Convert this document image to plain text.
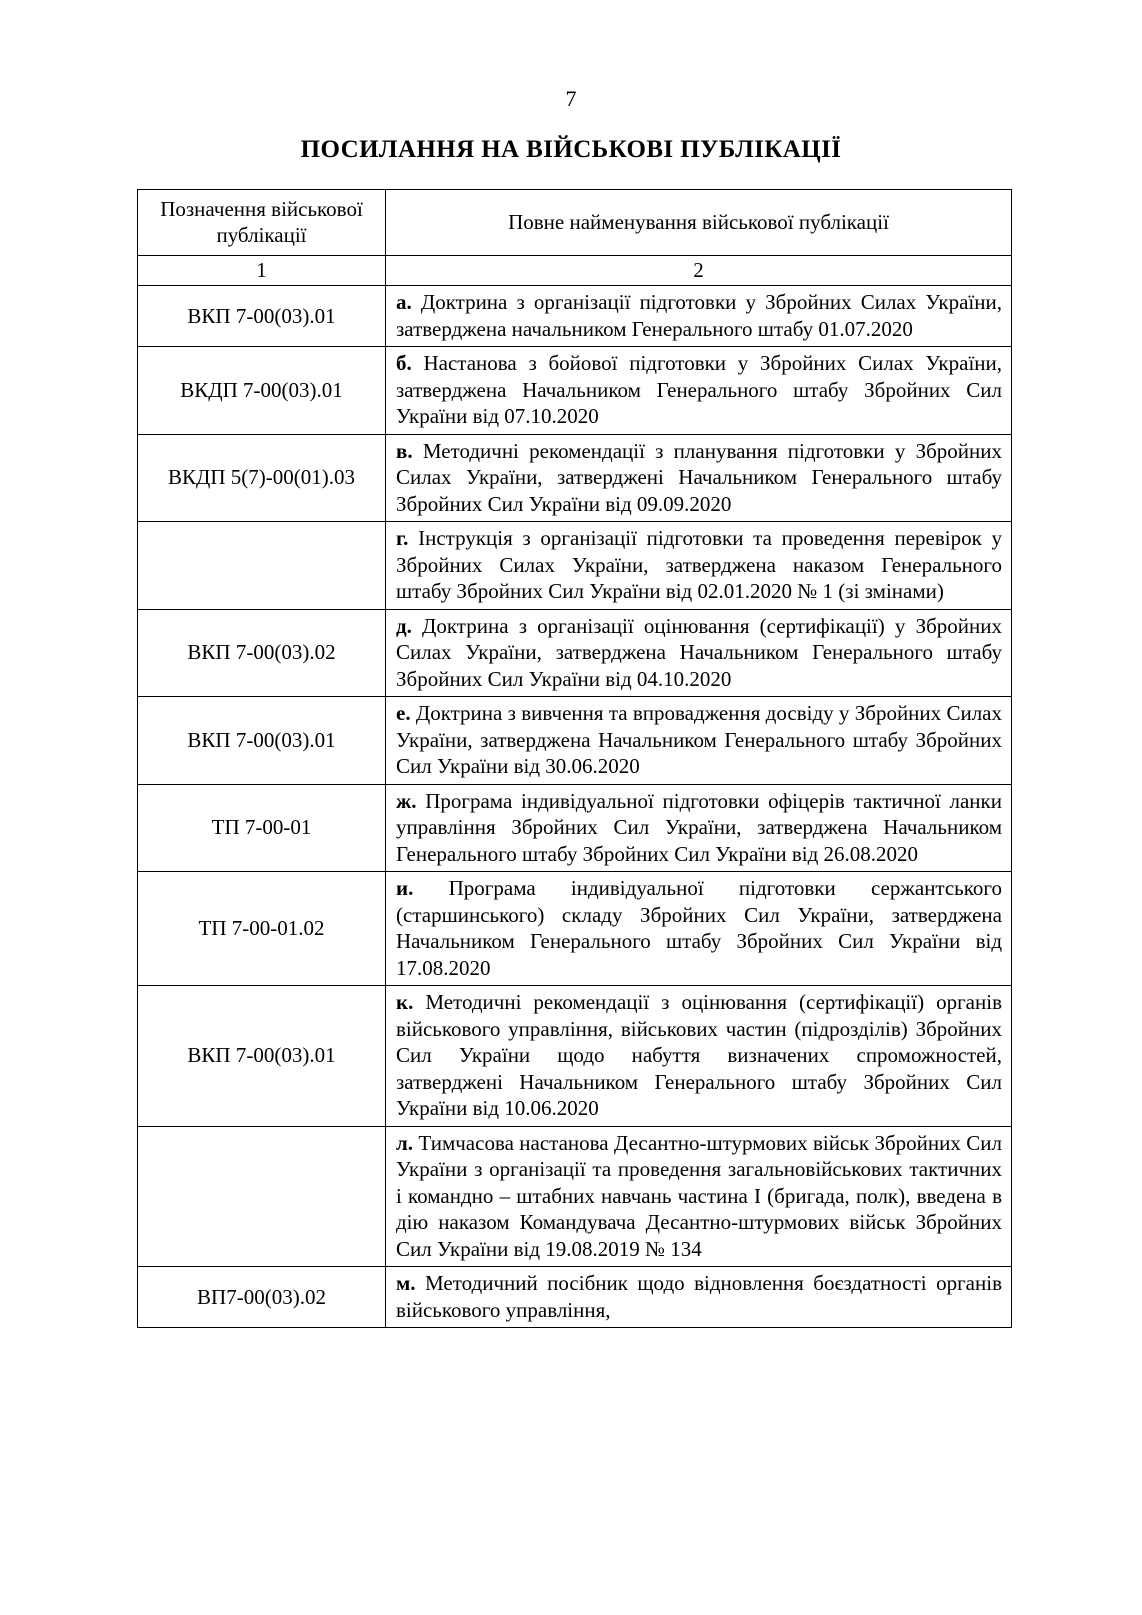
7
ПОСИЛАННЯ НА ВІЙСЬКОВІ ПУБЛІКАЦІЇ
Позначення військової публікації	Повне найменування військової публікації
1	2
ВКП 7-00(03).01	а. Доктрина з організації підготовки у Збройних Силах України, затверджена начальником Генерального штабу 01.07.2020

ВКДП 7-00(03).01	б. Настанова з бойової підготовки у Збройних Силах України, затверджена Начальником Генерального штабу Збройних Сил України від 07.10.2020

ВКДП 5(7)-00(01).03	в. Методичні рекомендації з планування підготовки у Збройних Силах України, затверджені Начальником Генерального штабу Збройних Сил України від 09.09.2020

	г. Інструкція з організації підготовки та проведення перевірок у Збройних Силах України, затверджена наказом Генерального штабу Збройних Сил України від 02.01.2020 № 1 (зі змінами)

ВКП 7-00(03).02	д. Доктрина з організації оцінювання (сертифікації) у Збройних Силах України, затверджена Начальником Генерального штабу Збройних Сил України від 04.10.2020

ВКП 7-00(03).01	е. Доктрина з вивчення та впровадження досвіду у Збройних Силах України, затверджена Начальником Генерального штабу Збройних Сил України від 30.06.2020

ТП 7-00-01	ж. Програма індивідуальної підготовки офіцерів тактичної ланки управління Збройних Сил України, затверджена Начальником Генерального штабу Збройних Сил України від 26.08.2020

ТП 7-00-01.02	и. Програма індивідуальної підготовки сержантського (старшинського) складу Збройних Сил України, затверджена Начальником Генерального штабу Збройних Сил України від 17.08.2020

ВКП 7-00(03).01	к. Методичні рекомендації з оцінювання (сертифікації) органів військового управління, військових частин (підрозділів) Збройних Сил України щодо набуття визначених спроможностей, затверджені Начальником Генерального штабу Збройних Сил України від 10.06.2020

	л. Тимчасова настанова Десантно-штурмових військ Збройних Сил України з організації та проведення загальновійськових тактичних і командно – штабних навчань частина I (бригада, полк), введена в дію наказом Командувача Десантно-штурмових військ Збройних Сил України від 19.08.2019 № 134

ВП7-00(03).02	м. Методичний посібник щодо відновлення боєздатності органів військового управління,
